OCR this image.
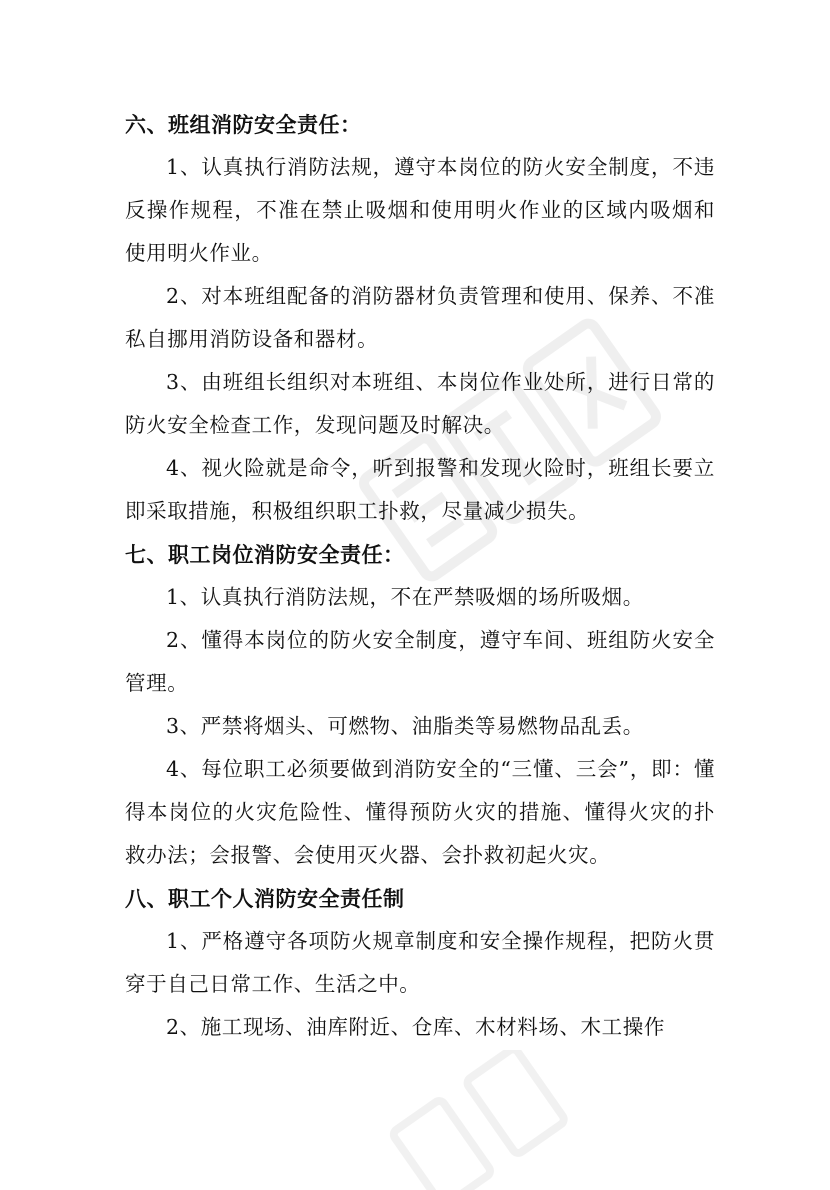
六、班组消防安全责任：

1、认真执行消防法规，遵守本岗位的防火安全制度，不违反操作规程，不准在禁止吸烟和使用明火作业的区域内吸烟和使用明火作业。

2、对本班组配备的消防器材负责管理和使用、保养、不准私自挪用消防设备和器材。

3、由班组长组织对本班组、本岗位作业处所，进行日常的防火安全检查工作，发现问题及时解决。

4、视火险就是命令，听到报警和发现火险时，班组长要立即采取措施，积极组织职工扑救，尽量减少损失。

七、职工岗位消防安全责任：

1、认真执行消防法规，不在严禁吸烟的场所吸烟。

2、懂得本岗位的防火安全制度，遵守车间、班组防火安全管理。

3、严禁将烟头、可燃物、油脂类等易燃物品乱丢。

4、每位职工必须要做到消防安全的“三懂、三会”，即：懂得本岗位的火灾危险性、懂得预防火灾的措施、懂得火灾的扑救办法；会报警、会使用灭火器、会扑救初起火灾。

八、职工个人消防安全责任制

1、严格遵守各项防火规章制度和安全操作规程，把防火贯穿于自己日常工作、生活之中。

2、施工现场、油库附近、仓库、木材料场、木工操作
